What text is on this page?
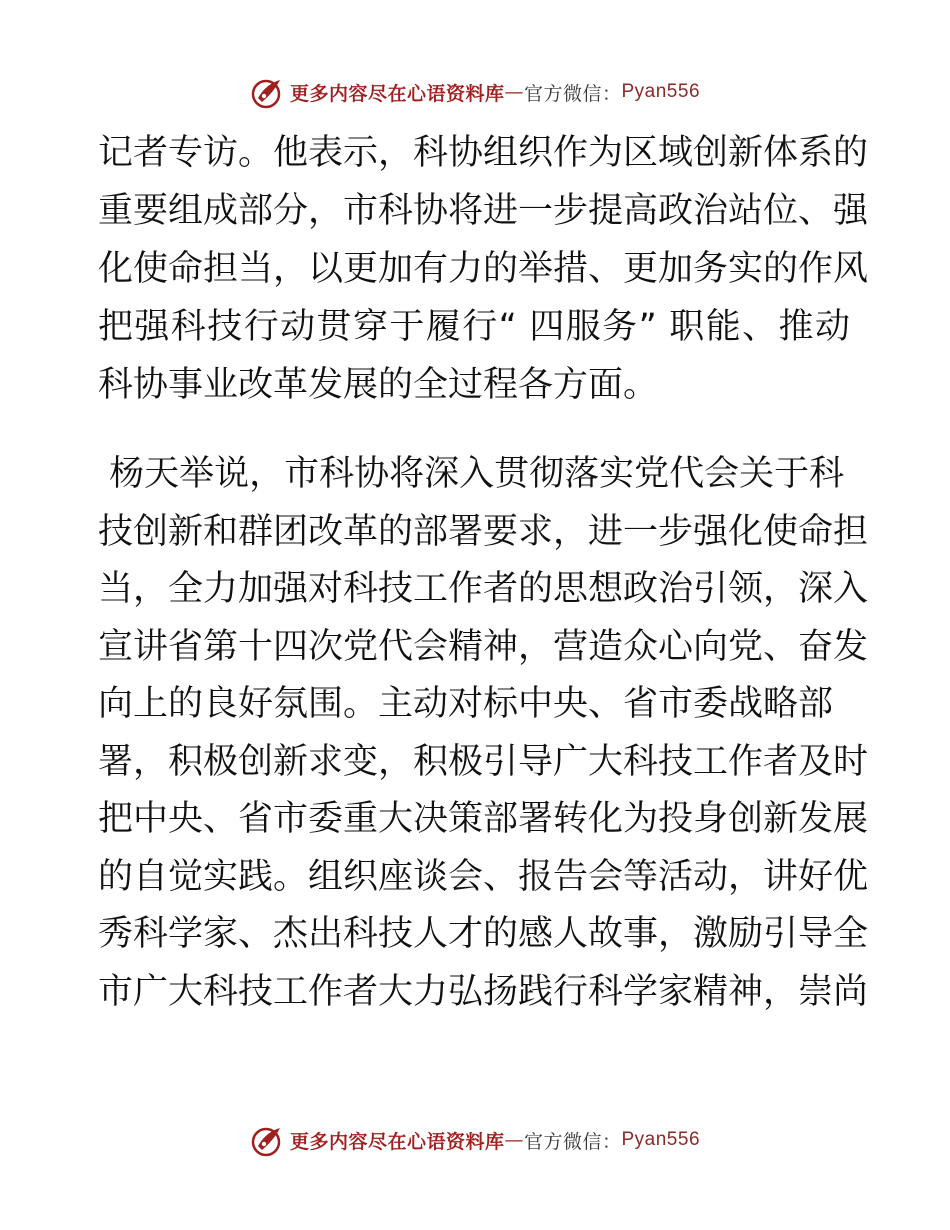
更多内容尽在心语资料库 — 官方微信： Pyan556
记者专访。他表示，科协组织作为区域创新体系的
重要组成部分，市科协将进一步提高政治站位、强
化使命担当，以更加有力的举措、更加务实的作风
把强科技行动贯穿于履行“ 四服务” 职能、推动
科协事业改革发展的全过程各方面。
杨天举说，市科协将深入贯彻落实党代会关于科
技创新和群团改革的部署要求，进一步强化使命担
当，全力加强对科技工作者的思想政治引领，深入
宣讲省第十四次党代会精神，营造众心向党、奋发
向上的良好氛围。主动对标中央、省市委战略部
署，积极创新求变，积极引导广大科技工作者及时
把中央、省市委重大决策部署转化为投身创新发展
的自觉实践。组织座谈会、报告会等活动，讲好优
秀科学家、杰出科技人才的感人故事，激励引导全
市广大科技工作者大力弘扬践行科学家精神，崇尚
更多内容尽在心语资料库 — 官方微信： Pyan556
